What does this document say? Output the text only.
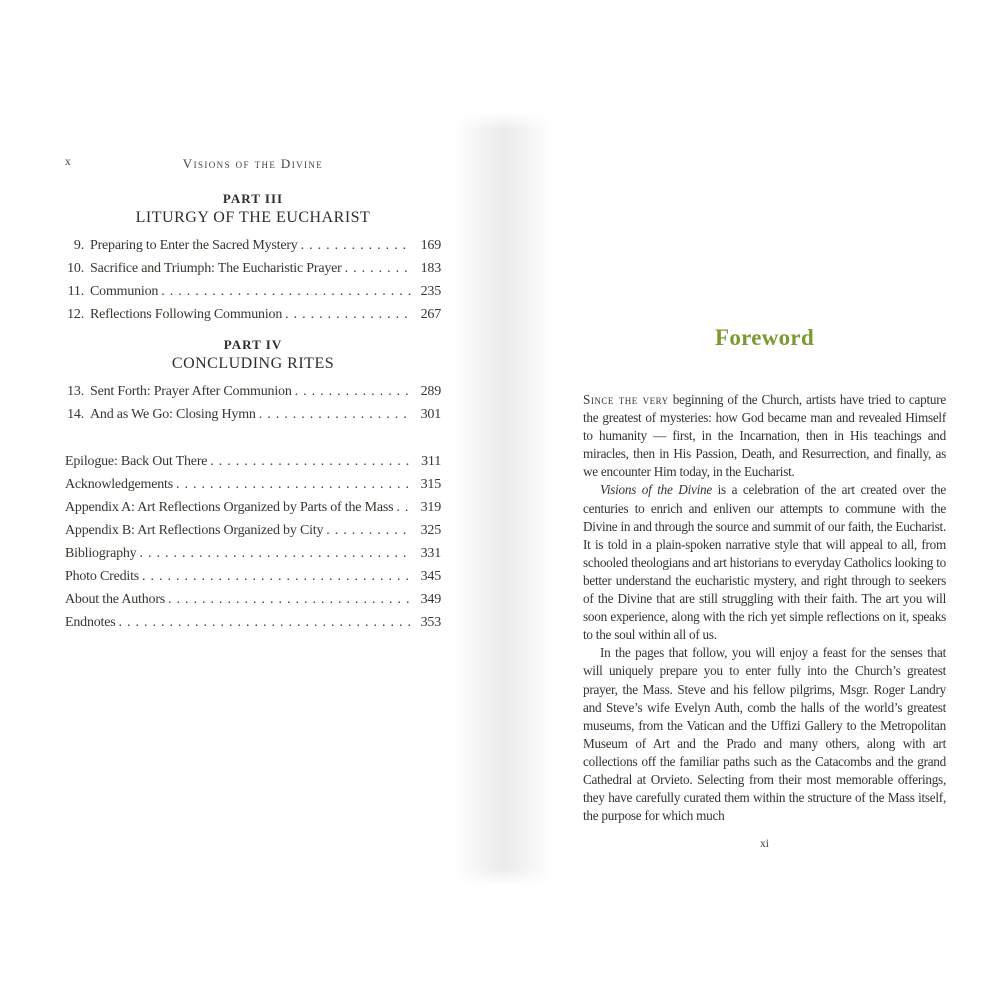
x	Visions of the Divine
PART III
LITURGY OF THE EUCHARIST
9. Preparing to Enter the Sacred Mystery .....	169
10. Sacrifice and Triumph: The Eucharistic Prayer .....	183
11. Communion .....	235
12. Reflections Following Communion .....	267
PART IV
CONCLUDING RITES
13. Sent Forth: Prayer After Communion .....	289
14. And as We Go: Closing Hymn .....	301
Epilogue: Back Out There .....	311
Acknowledgements .....	315
Appendix A: Art Reflections Organized by Parts of the Mass .....	319
Appendix B: Art Reflections Organized by City .....	325
Bibliography .....	331
Photo Credits .....	345
About the Authors .....	349
Endnotes .....	353
Foreword

Since the very beginning of the Church, artists have tried to capture the greatest of mysteries: how God became man and revealed Himself to humanity — first, in the Incarnation, then in His teachings and miracles, then in His Passion, Death, and Resurrection, and finally, as we encounter Him today, in the Eucharist.

Visions of the Divine is a celebration of the art created over the centuries to enrich and enliven our attempts to commune with the Divine in and through the source and summit of our faith, the Eucharist. It is told in a plain-spoken narrative style that will appeal to all, from schooled theologians and art historians to everyday Catholics looking to better understand the eucharistic mystery, and right through to seekers of the Divine that are still struggling with their faith. The art you will soon experience, along with the rich yet simple reflections on it, speaks to the soul within all of us.

In the pages that follow, you will enjoy a feast for the senses that will uniquely prepare you to enter fully into the Church’s greatest prayer, the Mass. Steve and his fellow pilgrims, Msgr. Roger Landry and Steve’s wife Evelyn Auth, comb the halls of the world’s greatest museums, from the Vatican and the Uffizi Gallery to the Metropolitan Museum of Art and the Prado and many others, along with art collections off the familiar paths such as the Catacombs and the grand Cathedral at Orvieto. Selecting from their most memorable offerings, they have carefully curated them within the structure of the Mass itself, the purpose for which much

xi
